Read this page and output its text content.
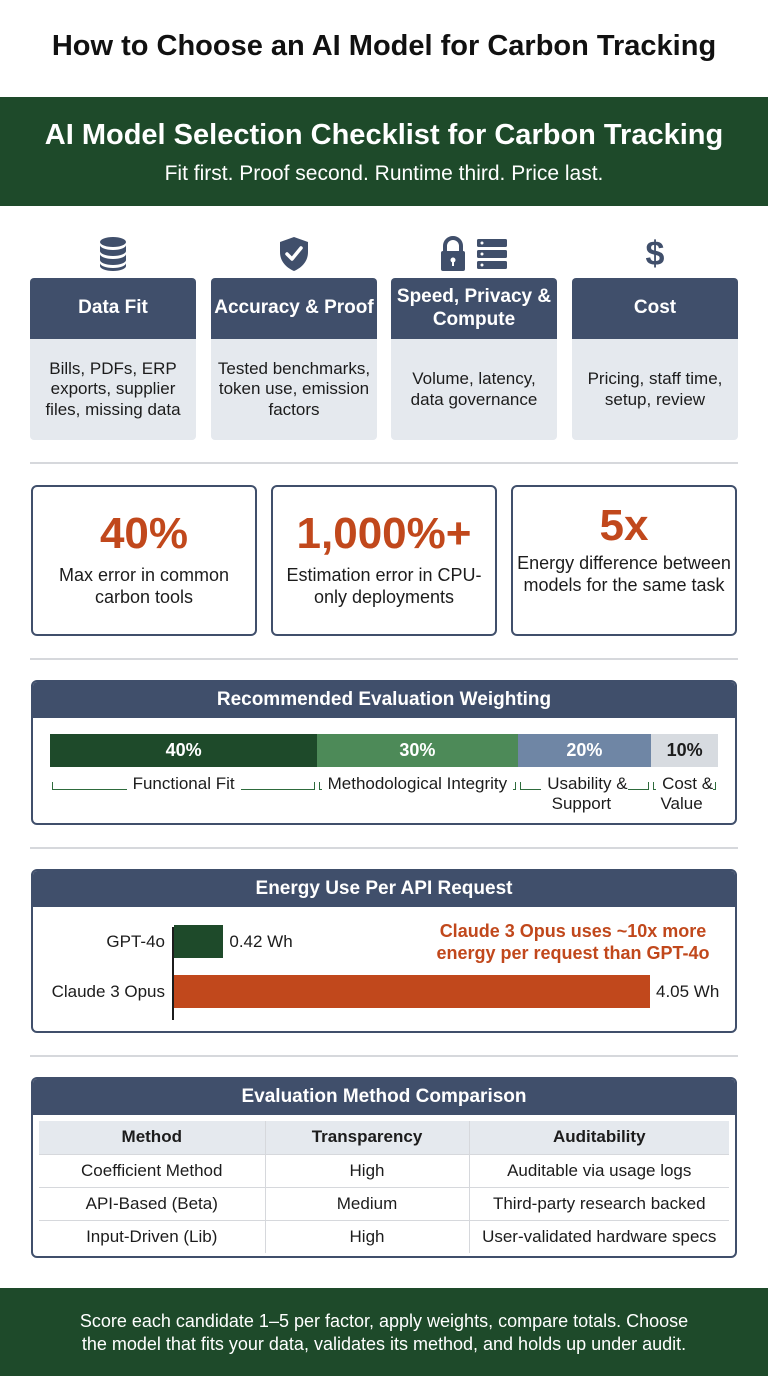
How to Choose an AI Model for Carbon Tracking
AI Model Selection Checklist for Carbon Tracking
Fit first. Proof second. Runtime third. Price last.
Data Fit
Bills, PDFs, ERP exports, supplier files, missing data
Accuracy & Proof
Tested benchmarks, token use, emission factors
Speed, Privacy & Compute
Volume, latency, data governance
$
Cost
Pricing, staff time, setup, review
40%
Max error in common carbon tools
1,000%+
Estimation error in CPU-only deployments
5x
Energy difference between models for the same task
Recommended Evaluation Weighting
40%
Functional Fit
30%
Methodological Integrity
20%
Usability & Support
10%
Cost & Value
Energy Use Per API Request
GPT-4o	0.42 Wh
Claude 3 Opus	4.05 Wh
Claude 3 Opus uses ~10x more energy per request than GPT-4o
Evaluation Method Comparison
Method	Transparency	Auditability
Coefficient Method	High	Auditable via usage logs
API-Based (Beta)	Medium	Third-party research backed
Input-Driven (Lib)	High	User-validated hardware specs
Score each candidate 1–5 per factor, apply weights, compare totals. Choose
the model that fits your data, validates its method, and holds up under audit.
